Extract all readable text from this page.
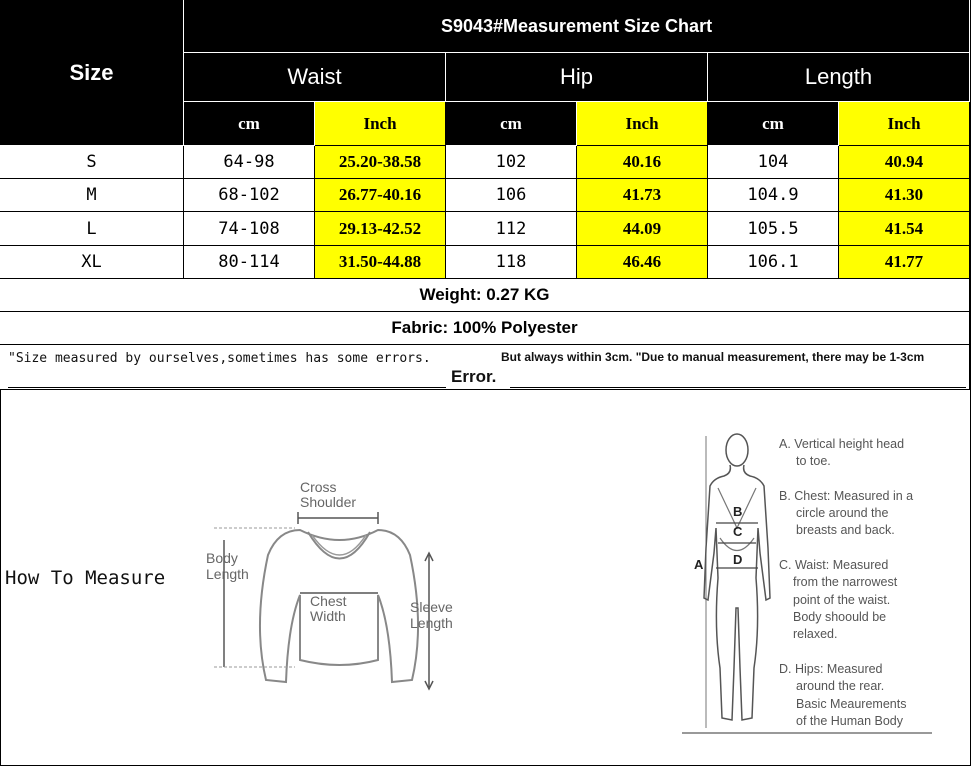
Size
S9043#Measurement Size Chart
Waist	Hip	Length
cm	Inch	cm	Inch	cm	Inch
S	64-98	25.20-38.58	102	40.16	104	40.94
M	68-102	26.77-40.16	106	41.73	104.9	41.30
L	74-108	29.13-42.52	112	44.09	105.5	41.54
XL	80-114	31.50-44.88	118	46.46	106.1	41.77
Weight: 0.27 KG
Fabric: 100% Polyester
"Size measured by ourselves,sometimes has some errors.	But always within 3cm. "Due to manual measurement, there may be 1-3cm
Error.
How To Measure
Cross
Shoulder
Body
Length
Chest
Width
Sleeve
Length
A
B
C
D
A. Vertical height head
to toe.
B. Chest: Measured in a
circle around the
breasts and back.
C. Waist: Measured
from the narrowest
point of the waist.
Body shoould be
relaxed.
D. Hips: Measured
around the rear.
Basic Meaurements
of the Human Body
